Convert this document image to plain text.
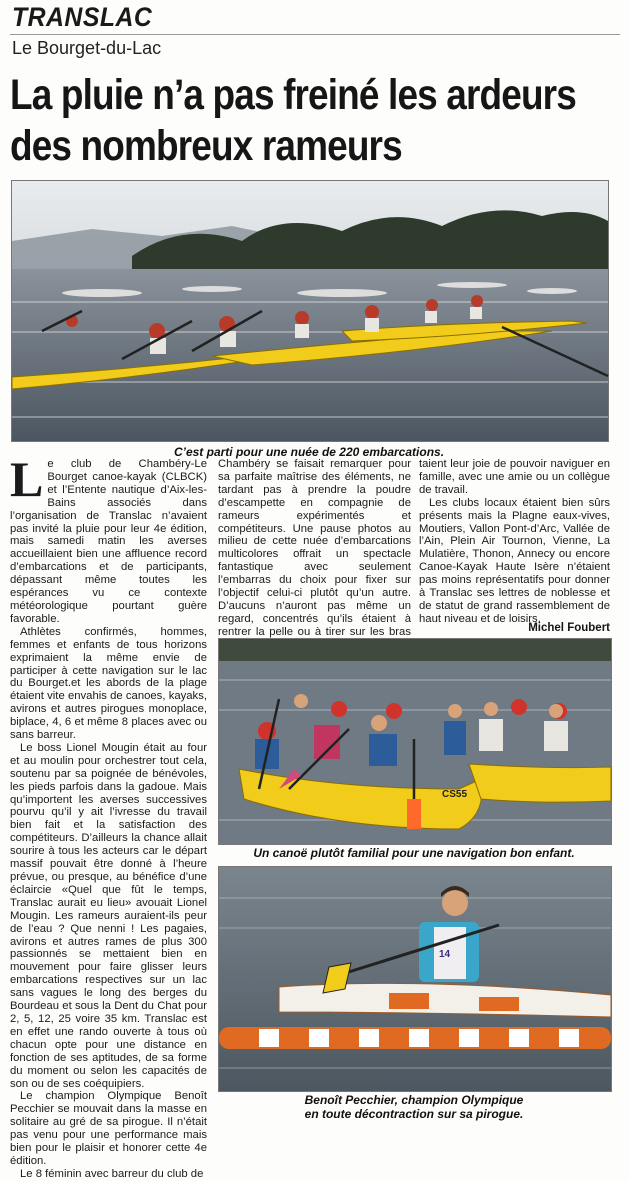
TRANSLAC
Le Bourget-du-Lac
La pluie n’a pas freiné les ardeurs
des nombreux rameurs
C’est parti pour une nuée de 220 embarcations.

Le club de Chambéry-Le Bourget canoe-kayak (CLBCK) et l’Entente nautique d’Aix-les-Bains associés dans l’organisation de Translac n’avaient pas invité la pluie pour leur 4e édition, mais samedi matin les averses accueillaient bien une affluence record d’embarcations et de participants, dépassant même toutes les espérances vu ce contexte météorologique pourtant guère favorable.

Athlètes confirmés, hommes, femmes et enfants de tous horizons exprimaient la même envie de participer à cette navigation sur le lac du Bourget.et les abords de la plage étaient vite envahis de canoes, kayaks, avirons et autres pirogues monoplace, biplace, 4, 6 et même 8 places avec ou sans barreur.

Le boss Lionel Mougin était au four et au moulin pour orchestrer tout cela, soutenu par sa poignée de bénévoles, les pieds parfois dans la gadoue. Mais qu’importent les averses successives pourvu qu’il y ait l’ivresse du travail bien fait et la satisfaction des compétiteurs. D’ailleurs la chance allait sourire à tous les acteurs car le départ massif pouvait être donné à l’heure prévue, ou presque, au bénéfice d’une éclaircie «Quel que fût le temps, Translac aurait eu lieu» avouait Lionel Mougin. Les rameurs auraient-ils peur de l’eau ? Que nenni ! Les pagaies, avirons et autres rames de plus 300 passionnés se mettaient bien en mouvement pour faire glisser leurs embarcations respectives sur un lac sans vagues le long des berges du Bourdeau et sous la Dent du Chat pour 2, 5, 12, 25 voire 35 km. Translac est en effet une rando ouverte à tous où chacun opte pour une distance en fonction de ses aptitudes, de sa forme du moment ou selon les capacités de son ou de ses coéquipiers.

Le champion Olympique Benoît Pecchier se mouvait dans la masse en solitaire au gré de sa pirogue. Il n’était pas venu pour une performance mais bien pour le plaisir et honorer cette 4e édition.

Le 8 féminin avec barreur du club de

Chambéry se faisait remarquer pour sa parfaite maîtrise des éléments, ne tardant pas à prendre la poudre d’escampette en compagnie de rameurs expérimentés et compétiteurs. Une pause photos au milieu de cette nuée d’embarcations multicolores offrait un spectacle fantastique avec seulement l’embarras du choix pour fixer sur l’objectif celui-ci plutôt qu’un autre. D’aucuns n’auront pas même un regard, concentrés qu’ils étaient à rentrer la pelle ou à tirer sur les bras

taient leur joie de pouvoir naviguer en famille, avec une amie ou un collègue de travail.

Les clubs locaux étaient bien sûrs présents mais la Plagne eaux-vives, Moutiers, Vallon Pont-d’Arc, Vallée de l’Ain, Plein Air Tournon, Vienne, La Mulatière, Thonon, Annecy ou encore Canoe-Kayak Haute Isère n’étaient pas moins représentatifs pour donner à Translac ses lettres de noblesse et de statut de grand rassemblement de haut niveau et de loisirs.

Michel Foubert
CS55
Un canoë plutôt familial pour une navigation bon enfant.
14
Benoît Pecchier, champion Olympique
en toute décontraction sur sa pirogue.
